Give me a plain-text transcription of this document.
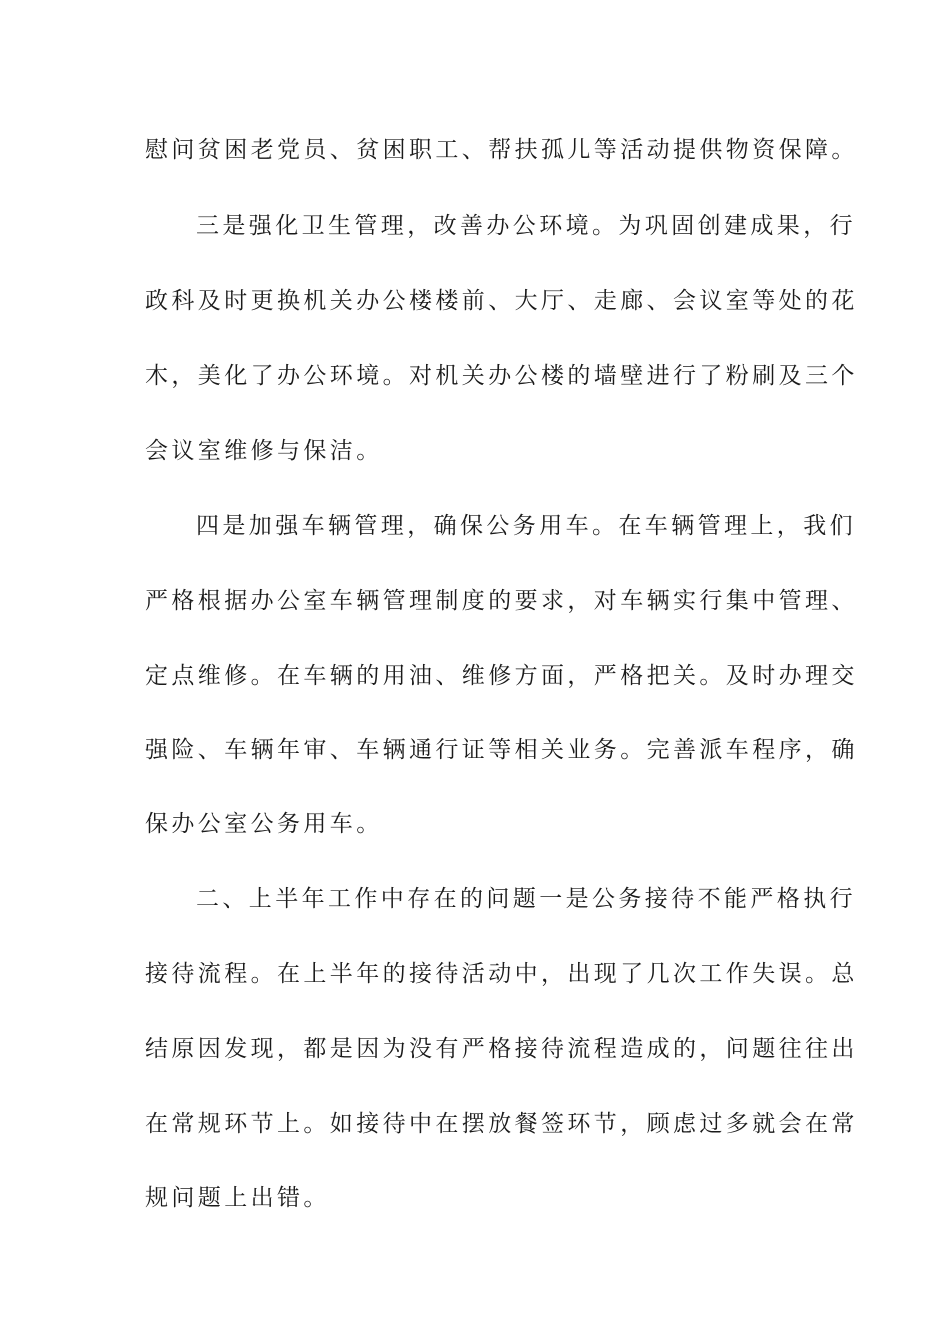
慰问贫困老党员、贫困职工、帮扶孤儿等活动提供物资保障。
三是强化卫生管理，改善办公环境。为巩固创建成果，行
政科及时更换机关办公楼楼前、大厅、走廊、会议室等处的花
木，美化了办公环境。对机关办公楼的墙壁进行了粉刷及三个
会议室维修与保洁。
四是加强车辆管理，确保公务用车。在车辆管理上，我们
严格根据办公室车辆管理制度的要求，对车辆实行集中管理、
定点维修。在车辆的用油、维修方面，严格把关。及时办理交
强险、车辆年审、车辆通行证等相关业务。完善派车程序，确
保办公室公务用车。
二、上半年工作中存在的问题一是公务接待不能严格执行
接待流程。在上半年的接待活动中，出现了几次工作失误。总
结原因发现，都是因为没有严格接待流程造成的，问题往往出
在常规环节上。如接待中在摆放餐签环节，顾虑过多就会在常
规问题上出错。
